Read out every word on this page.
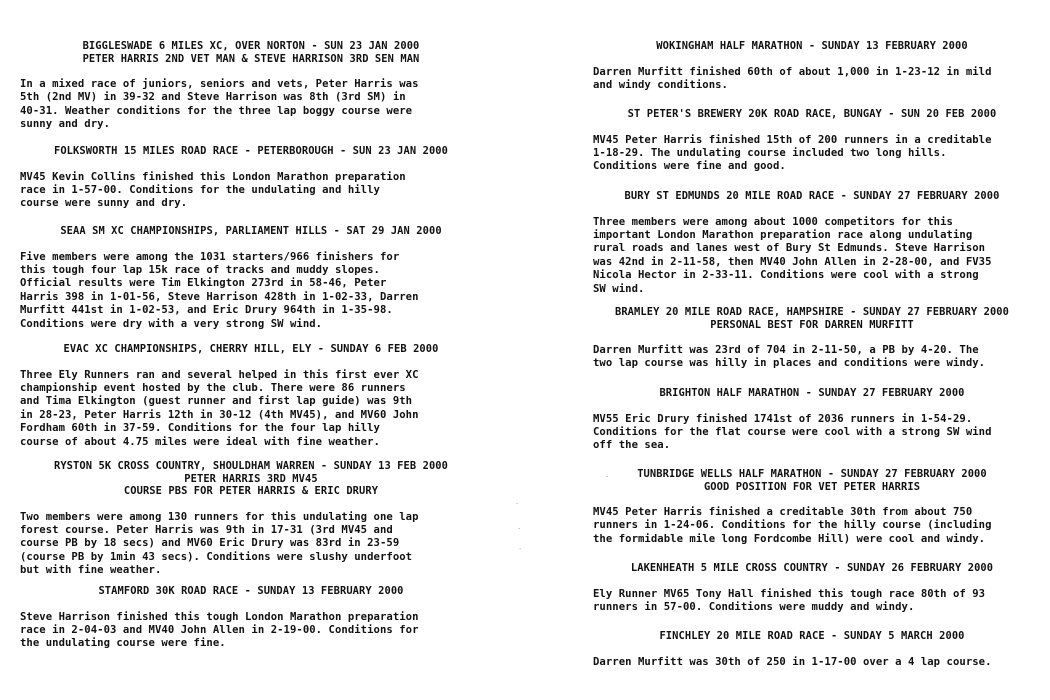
BIGGLESWADE 6 MILES XC, OVER NORTON - SUN 23 JAN 2000
PETER HARRIS 2ND VET MAN & STEVE HARRISON 3RD SEN MAN
In a mixed race of juniors, seniors and vets, Peter Harris was
5th (2nd MV) in 39-32 and Steve Harrison was 8th (3rd SM) in
40-31. Weather conditions for the three lap boggy course were
sunny and dry.
FOLKSWORTH 15 MILES ROAD RACE - PETERBOROUGH - SUN 23 JAN 2000
MV45 Kevin Collins finished this London Marathon preparation
race in 1-57-00. Conditions for the undulating and hilly
course were sunny and dry.
SEAA SM XC CHAMPIONSHIPS, PARLIAMENT HILLS - SAT 29 JAN 2000
Five members were among the 1031 starters/966 finishers for
this tough four lap 15k race of tracks and muddy slopes.
Official results were Tim Elkington 273rd in 58-46, Peter
Harris 398 in 1-01-56, Steve Harrison 428th in 1-02-33, Darren
Murfitt 441st in 1-02-53, and Eric Drury 964th in 1-35-98.
Conditions were dry with a very strong SW wind.
EVAC XC CHAMPIONSHIPS, CHERRY HILL, ELY - SUNDAY 6 FEB 2000
Three Ely Runners ran and several helped in this first ever XC
championship event hosted by the club. There were 86 runners
and Tima Elkington (guest runner and first lap guide) was 9th
in 28-23, Peter Harris 12th in 30-12 (4th MV45), and MV60 John
Fordham 60th in 37-59. Conditions for the four lap hilly
course of about 4.75 miles were ideal with fine weather.
RYSTON 5K CROSS COUNTRY, SHOULDHAM WARREN - SUNDAY 13 FEB 2000
PETER HARRIS 3RD MV45
COURSE PBS FOR PETER HARRIS & ERIC DRURY
Two members were among 130 runners for this undulating one lap
forest course. Peter Harris was 9th in 17-31 (3rd MV45 and
course PB by 18 secs) and MV60 Eric Drury was 83rd in 23-59
(course PB by 1min 43 secs). Conditions were slushy underfoot
but with fine weather.
STAMFORD 30K ROAD RACE - SUNDAY 13 FEBRUARY 2000
Steve Harrison finished this tough London Marathon preparation
race in 2-04-03 and MV40 John Allen in 2-19-00. Conditions for
the undulating course were fine.
WOKINGHAM HALF MARATHON - SUNDAY 13 FEBRUARY 2000
Darren Murfitt finished 60th of about 1,000 in 1-23-12 in mild
and windy conditions.
ST PETER'S BREWERY 20K ROAD RACE, BUNGAY - SUN 20 FEB 2000
MV45 Peter Harris finished 15th of 200 runners in a creditable
1-18-29. The undulating course included two long hills.
Conditions were fine and good.
BURY ST EDMUNDS 20 MILE ROAD RACE - SUNDAY 27 FEBRUARY 2000
Three members were among about 1000 competitors for this
important London Marathon preparation race along undulating
rural roads and lanes west of Bury St Edmunds. Steve Harrison
was 42nd in 2-11-58, then MV40 John Allen in 2-28-00, and FV35
Nicola Hector in 2-33-11. Conditions were cool with a strong
SW wind.
BRAMLEY 20 MILE ROAD RACE, HAMPSHIRE - SUNDAY 27 FEBRUARY 2000
PERSONAL BEST FOR DARREN MURFITT
Darren Murfitt was 23rd of 704 in 2-11-50, a PB by 4-20. The
two lap course was hilly in places and conditions were windy.
BRIGHTON HALF MARATHON - SUNDAY 27 FEBRUARY 2000
MV55 Eric Drury finished 1741st of 2036 runners in 1-54-29.
Conditions for the flat course were cool with a strong SW wind
off the sea.
TUNBRIDGE WELLS HALF MARATHON - SUNDAY 27 FEBRUARY 2000
GOOD POSITION FOR VET PETER HARRIS
MV45 Peter Harris finished a creditable 30th from about 750
runners in 1-24-06. Conditions for the hilly course (including
the formidable mile long Fordcombe Hill) were cool and windy.
LAKENHEATH 5 MILE CROSS COUNTRY - SUNDAY 26 FEBRUARY 2000
Ely Runner MV65 Tony Hall finished this tough race 80th of 93
runners in 57-00. Conditions were muddy and windy.
FINCHLEY 20 MILE ROAD RACE - SUNDAY 5 MARCH 2000
Darren Murfitt was 30th of 250 in 1-17-00 over a 4 lap course.
·
·
·
·
